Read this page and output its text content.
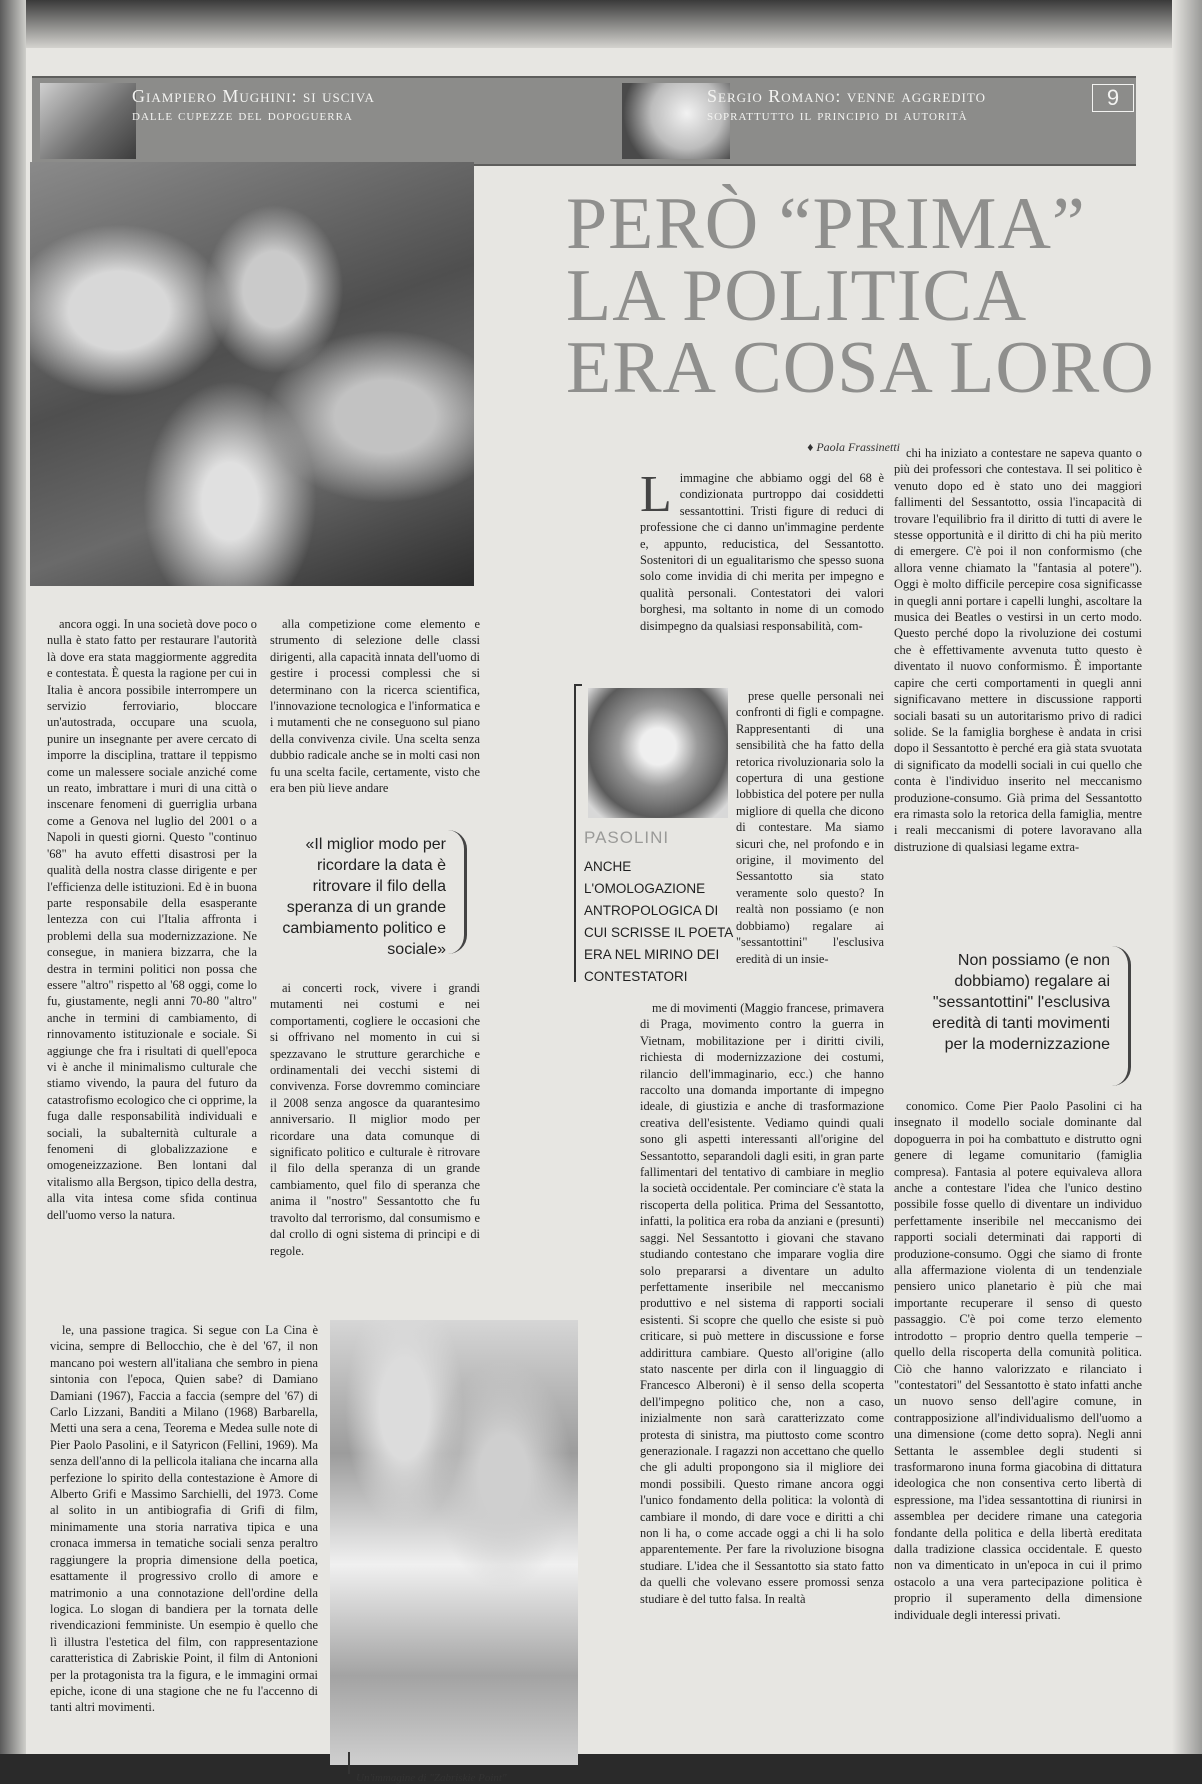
Giampiero Mughini: si usciva
dalle cupezze del dopoguerra
Sergio Romano: venne aggredito
soprattutto il principio di autorità
9
PERÒ “PRIMA” LA POLITICA ERA COSA LORO
♦ Paola Frassinetti

ancora oggi. In una società dove poco o nulla è stato fatto per restaurare l'autorità là dove era stata maggiormente aggredita e contestata. È questa la ragione per cui in Italia è ancora possibile interrompere un servizio ferroviario, bloccare un'autostrada, occupare una scuola, punire un insegnante per avere cercato di imporre la disciplina, trattare il teppismo come un malessere sociale anziché come un reato, imbrattare i muri di una città o inscenare fenomeni di guerriglia urbana come a Genova nel luglio del 2001 o a Napoli in questi giorni. Questo "continuo '68" ha avuto effetti disastrosi per la qualità della nostra classe dirigente e per l'efficienza delle istituzioni. Ed è in buona parte responsabile della esasperante lentezza con cui l'Italia affronta i problemi della sua modernizzazione. Ne consegue, in maniera bizzarra, che la destra in termini politici non possa che essere "altro" rispetto al '68 oggi, come lo fu, giustamente, negli anni 70-80 "altro" anche in termini di cambiamento, di rinnovamento istituzionale e sociale. Si aggiunge che fra i risultati di quell'epoca vi è anche il minimalismo culturale che stiamo vivendo, la paura del futuro da catastrofismo ecologico che ci opprime, la fuga dalle responsabilità individuali e sociali, la subalternità culturale a fenomeni di globalizzazione e omogeneizzazione. Ben lontani dal vitalismo alla Bergson, tipico della destra, alla vita intesa come sfida continua dell'uomo verso la natura.

alla competizione come elemento e strumento di selezione delle classi dirigenti, alla capacità innata dell'uomo di gestire i processi complessi che si determinano con la ricerca scientifica, l'innovazione tecnologica e l'informatica e i mutamenti che ne conseguono sul piano della convivenza civile. Una scelta senza dubbio radicale anche se in molti casi non fu una scelta facile, certamente, visto che era ben più lieve andare

«Il miglior modo per ricordare la data è ritrovare il filo della speranza di un grande cambiamento politico e sociale»

ai concerti rock, vivere i grandi mutamenti nei costumi e nei comportamenti, cogliere le occasioni che si offrivano nel momento in cui si spezzavano le strutture gerarchiche e ordinamentali dei vecchi sistemi di convivenza. Forse dovremmo cominciare il 2008 senza angosce da quarantesimo anniversario. Il miglior modo per ricordare una data comunque di significato politico e culturale è ritrovare il filo della speranza di un grande cambiamento, quel filo di speranza che anima il "nostro" Sessantotto che fu travolto dal terrorismo, dal consumismo e dal crollo di ogni sistema di principi e di regole.

L immagine che abbiamo oggi del 68 è condizionata purtroppo dai cosiddetti sessantottini. Tristi figure di reduci di professione che ci danno un'immagine perdente e, appunto, reducistica, del Sessantotto. Sostenitori di un egualitarismo che spesso suona solo come invidia di chi merita per impegno e qualità personali. Contestatori dei valori borghesi, ma soltanto in nome di un comodo disimpegno da qualsiasi responsabilità, com-
PASOLINI
ANCHE L'OMOLOGAZIONE ANTROPOLOGICA DI CUI SCRISSE IL POETA ERA NEL MIRINO DEI CONTESTATORI

prese quelle personali nei confronti di figli e compagne. Rappresentanti di una sensibilità che ha fatto della retorica rivoluzionaria solo la copertura di una gestione lobbistica del potere per nulla migliore di quella che dicono di contestare. Ma siamo sicuri che, nel profondo e in origine, il movimento del Sessantotto sia stato veramente solo questo? In realtà non possiamo (e non dobbiamo) regalare ai "sessantottini" l'esclusiva eredità di un insie-

me di movimenti (Maggio francese, primavera di Praga, movimento contro la guerra in Vietnam, mobilitazione per i diritti civili, richiesta di modernizzazione dei costumi, rilancio dell'immaginario, ecc.) che hanno raccolto una domanda importante di impegno ideale, di giustizia e anche di trasformazione creativa dell'esistente. Vediamo quindi quali sono gli aspetti interessanti all'origine del Sessantotto, separandoli dagli esiti, in gran parte fallimentari del tentativo di cambiare in meglio la società occidentale. Per cominciare c'è stata la riscoperta della politica. Prima del Sessantotto, infatti, la politica era roba da anziani e (presunti) saggi. Nel Sessantotto i giovani che stavano studiando contestano che imparare voglia dire solo prepararsi a diventare un adulto perfettamente inseribile nel meccanismo produttivo e nel sistema di rapporti sociali esistenti. Si scopre che quello che esiste si può criticare, si può mettere in discussione e forse addirittura cambiare. Questo all'origine (allo stato nascente per dirla con il linguaggio di Francesco Alberoni) è il senso della scoperta dell'impegno politico che, non a caso, inizialmente non sarà caratterizzato come protesta di sinistra, ma piuttosto come scontro generazionale. I ragazzi non accettano che quello che gli adulti propongono sia il migliore dei mondi possibili. Questo rimane ancora oggi l'unico fondamento della politica: la volontà di cambiare il mondo, di dare voce e diritti a chi non li ha, o come accade oggi a chi li ha solo apparentemente. Per fare la rivoluzione bisogna studiare. L'idea che il Sessantotto sia stato fatto da quelli che volevano essere promossi senza studiare è del tutto falsa. In realtà

chi ha iniziato a contestare ne sapeva quanto o più dei professori che contestava. Il sei politico è venuto dopo ed è stato uno dei maggiori fallimenti del Sessantotto, ossia l'incapacità di trovare l'equilibrio fra il diritto di tutti di avere le stesse opportunità e il diritto di chi ha più merito di emergere. C'è poi il non conformismo (che allora venne chiamato la "fantasia al potere"). Oggi è molto difficile percepire cosa significasse in quegli anni portare i capelli lunghi, ascoltare la musica dei Beatles o vestirsi in un certo modo. Questo perché dopo la rivoluzione dei costumi che è effettivamente avvenuta tutto questo è diventato il nuovo conformismo. È importante capire che certi comportamenti in quegli anni significavano mettere in discussione rapporti sociali basati su un autoritarismo privo di radici solide. Se la famiglia borghese è andata in crisi dopo il Sessantotto è perché era già stata svuotata di significato da modelli sociali in cui quello che conta è l'individuo inserito nel meccanismo produzione-consumo. Già prima del Sessantotto era rimasta solo la retorica della famiglia, mentre i reali meccanismi di potere lavoravano alla distruzione di qualsiasi legame extra-

Non possiamo (e non dobbiamo) regalare ai "sessantottini" l'esclusiva eredità di tanti movimenti per la modernizzazione

conomico. Come Pier Paolo Pasolini ci ha insegnato il modello sociale dominante dal dopoguerra in poi ha combattuto e distrutto ogni genere di legame comunitario (famiglia compresa). Fantasia al potere equivaleva allora anche a contestare l'idea che l'unico destino possibile fosse quello di diventare un individuo perfettamente inseribile nel meccanismo dei rapporti sociali determinati dai rapporti di produzione-consumo. Oggi che siamo di fronte alla affermazione violenta di un tendenziale pensiero unico planetario è più che mai importante recuperare il senso di questo passaggio. C'è poi come terzo elemento introdotto – proprio dentro quella temperie – quello della riscoperta della comunità politica. Ciò che hanno valorizzato e rilanciato i "contestatori" del Sessantotto è stato infatti anche un nuovo senso dell'agire comune, in contrapposizione all'individualismo dell'uomo a una dimensione (come detto sopra). Negli anni Settanta le assemblee degli studenti si trasformarono inuna forma giacobina di dittatura ideologica che non consentiva certo libertà di espressione, ma l'idea sessantottina di riunirsi in assemblea per decidere rimane una categoria fondante della politica e della libertà ereditata dalla tradizione classica occidentale. E questo non va dimenticato in un'epoca in cui il primo ostacolo a una vera partecipazione politica è proprio il superamento della dimensione individuale degli interessi privati.

le, una passione tragica. Si segue con La Cina è vicina, sempre di Bellocchio, che è del '67, il non mancano poi western all'italiana che sembro in piena sintonia con l'epoca, Quien sabe? di Damiano Damiani (1967), Faccia a faccia (sempre del '67) di Carlo Lizzani, Banditi a Milano (1968) Barbarella, Metti una sera a cena, Teorema e Medea sulle note di Pier Paolo Pasolini, e il Satyricon (Fellini, 1969). Ma senza dell'anno di la pellicola italiana che incarna alla perfezione lo spirito della contestazione è Amore di Alberto Grifi e Massimo Sarchielli, del 1973. Come al solito in un antibiografia di Grifi di film, minimamente una storia narrativa tipica e una cronaca immersa in tematiche sociali senza peraltro raggiungere la propria dimensione della poetica, esattamente il progressivo crollo di amore e matrimonio a una connotazione dell'ordine della logica. Lo slogan di bandiera per la tornata delle rivendicazioni femministe. Un esempio è quello che lì illustra l'estetica del film, con rappresentazione caratteristica di Zabriskie Point, il film di Antonioni per la protagonista tra la figura, e le immagini ormai epiche, icone di una stagione che ne fu l'accenno di tanti altri movimenti.

Un'immagine di "Zabriskie Point"
